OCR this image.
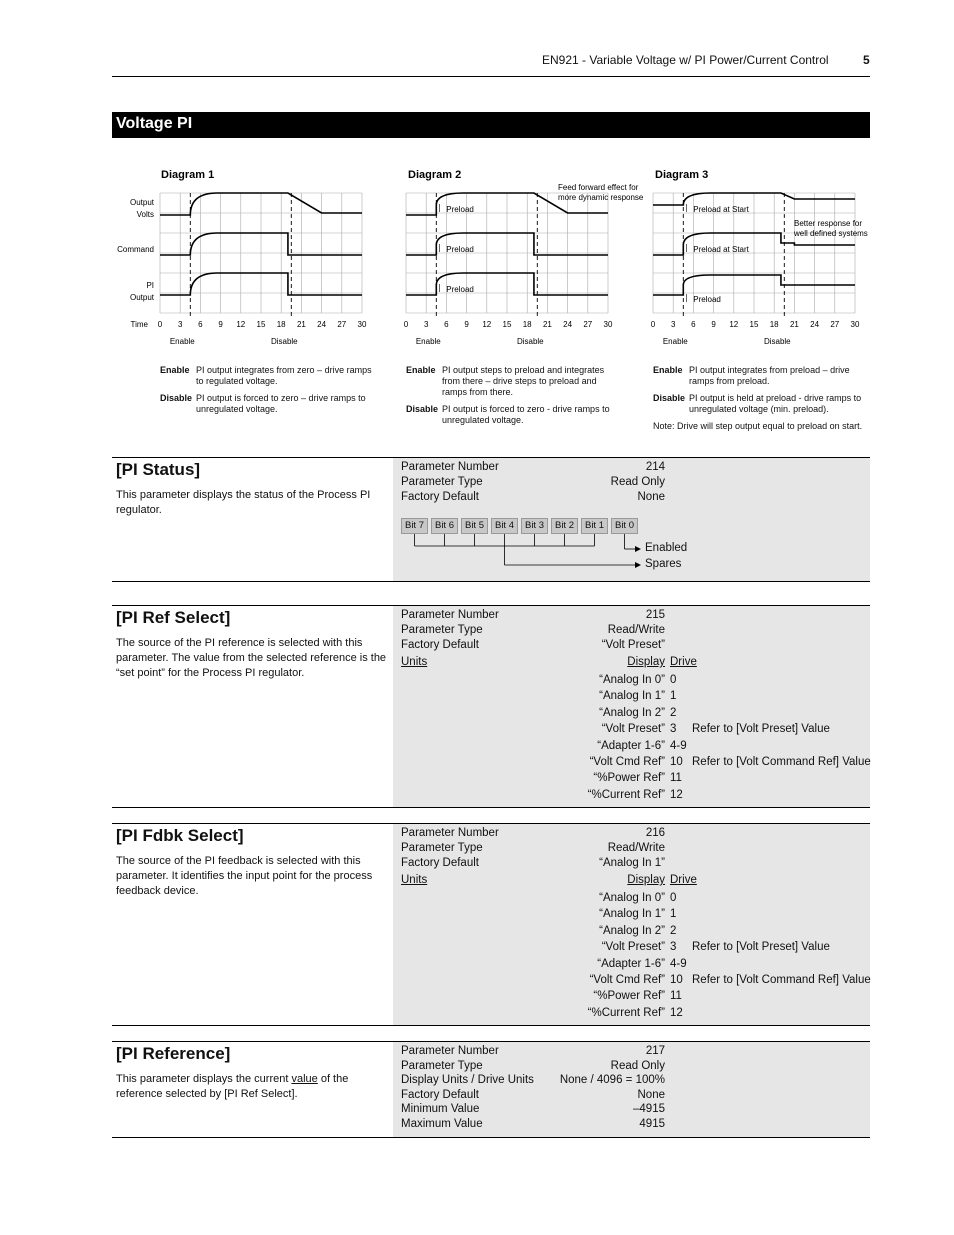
EN921 - Variable Voltage w/ PI Power/Current Control	5
Voltage PI
Diagram 1
Output Volts
Command
PI Output
Time 0 3 6 9 12 15 18 21 24 27 30
Enable	Disable
Diagram 2
Preload
Preload
Preload
Feed forward effect for more dynamic response
0 3 6 9 12 15 18 21 24 27 30
Enable	Disable
Diagram 3
Preload at Start
Preload at Start
Preload
Better response for well defined systems
0 3 6 9 12 15 18 21 24 27 30
Enable	Disable
[PI Status]
This parameter displays the status of the Process PI regulator.
Parameter Number	214
Parameter Type	Read Only
Factory Default	None
Bit 7	Bit 6	Bit 5	Bit 4	Bit 3	Bit 2	Bit 1	Bit 0
Enabled
Spares
[PI Ref Select]
The source of the PI reference is selected with this parameter. The value from the selected reference is the “set point” for the Process PI regulator.
Parameter Number	215
Parameter Type	Read/Write
Factory Default	“Volt Preset”
Units	Display Drive
“Analog In 0” 0
“Analog In 1” 1
“Analog In 2” 2
“Volt Preset” 3 Refer to [Volt Preset] Value
“Adapter 1-6” 4-9
“Volt Cmd Ref” 10 Refer to [Volt Command Ref] Value
“%Power Ref” 11
“%Current Ref” 12
[PI Fdbk Select]
The source of the PI feedback is selected with this parameter. It identifies the input point for the process feedback device.
Parameter Number	216
Parameter Type	Read/Write
Factory Default	“Analog In 1”
Units	Display Drive
“Analog In 0” 0
“Analog In 1” 1
“Analog In 2” 2
“Volt Preset” 3 Refer to [Volt Preset] Value
“Adapter 1-6” 4-9
“Volt Cmd Ref” 10 Refer to [Volt Command Ref] Value
“%Power Ref” 11
“%Current Ref” 12
[PI Reference]
This parameter displays the current value of the reference selected by [PI Ref Select].
Parameter Number	217
Parameter Type	Read Only
Display Units / Drive Units None / 4096 = 100%
Factory Default	None
Minimum Value	–4915
Maximum Value	4915
Enable PI output integrates from zero – drive ramps to regulated voltage.
Disable PI output is forced to zero – drive ramps to unregulated voltage.
Enable PI output steps to preload and integrates from there – drive steps to preload and ramps from there.
Disable PI output is forced to zero - drive ramps to unregulated voltage.
Enable PI output integrates from preload – drive ramps from preload.
Disable PI output is held at preload - drive ramps to unregulated voltage (min. preload).
Note: Drive will step output equal to preload on start.
